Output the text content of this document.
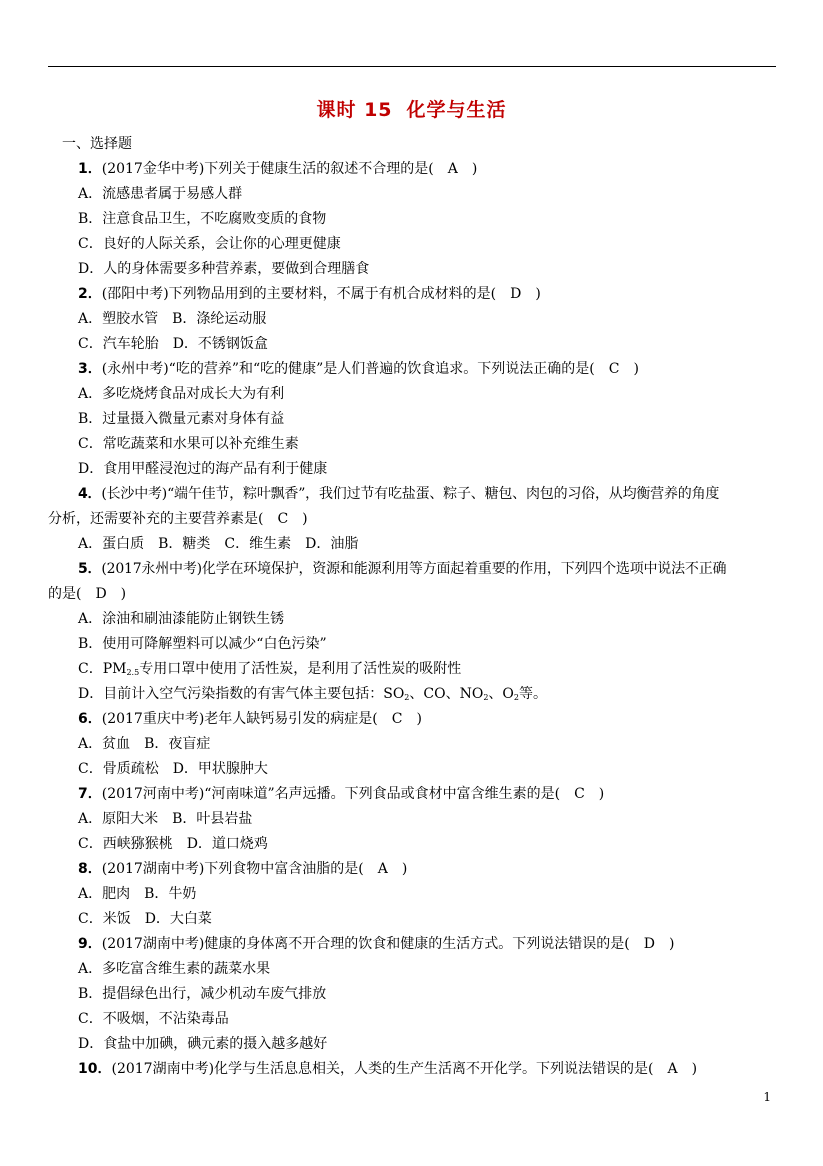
课时 15 化学与生活
一、选择题
1．(2017金华中考)下列关于健康生活的叙述不合理的是(　A　)
A．流感患者属于易感人群
B．注意食品卫生，不吃腐败变质的食物
C．良好的人际关系，会让你的心理更健康
D．人的身体需要多种营养素，要做到合理膳食
2．(邵阳中考)下列物品用到的主要材料，不属于有机合成材料的是(　D　)
A．塑胶水管　B．涤纶运动服
C．汽车轮胎　D．不锈钢饭盒
3．(永州中考)“吃的营养”和“吃的健康”是人们普遍的饮食追求。下列说法正确的是(　C　)
A．多吃烧烤食品对成长大为有利
B．过量摄入微量元素对身体有益
C．常吃蔬菜和水果可以补充维生素
D．食用甲醛浸泡过的海产品有利于健康
4．(长沙中考)“端午佳节，粽叶飘香”，我们过节有吃盐蛋、粽子、糖包、肉包的习俗，从均衡营养的角度
分析，还需要补充的主要营养素是(　C　)
A．蛋白质　B．糖类　C．维生素　D．油脂
5．(2017永州中考)化学在环境保护，资源和能源利用等方面起着重要的作用，下列四个选项中说法不正确
的是(　D　)
A．涂油和刷油漆能防止钢铁生锈
B．使用可降解塑料可以减少“白色污染”
C．$PM_{2.5}$专用口罩中使用了活性炭，是利用了活性炭的吸附性
D．目前计入空气污染指数的有害气体主要包括：$SO_2$、CO、$NO_2$、$O_2$等。
6．(2017重庆中考)老年人缺钙易引发的病症是(　C　)
A．贫血　B．夜盲症
C．骨质疏松　D．甲状腺肿大
7．(2017河南中考)“河南味道”名声远播。下列食品或食材中富含维生素的是(　C　)
A．原阳大米　B．叶县岩盐
C．西峡猕猴桃　D．道口烧鸡
8．(2017湖南中考)下列食物中富含油脂的是(　A　)
A．肥肉　B．牛奶
C．米饭　D．大白菜
9．(2017湖南中考)健康的身体离不开合理的饮食和健康的生活方式。下列说法错误的是(　D　)
A．多吃富含维生素的蔬菜水果
B．提倡绿色出行，减少机动车废气排放
C．不吸烟，不沾染毒品
D．食盐中加碘，碘元素的摄入越多越好
10．(2017湖南中考)化学与生活息息相关，人类的生产生活离不开化学。下列说法错误的是(　A　)
1
